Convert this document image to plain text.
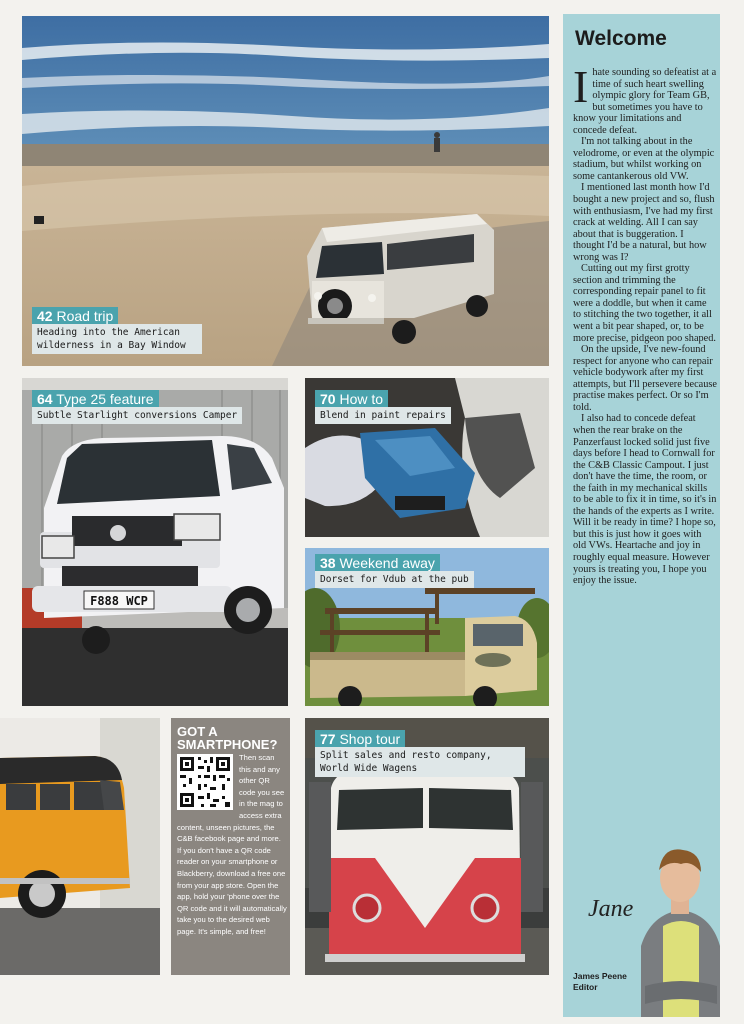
42 Road trip
Heading into the American wilderness in a Bay Window
F888 WCP
64 Type 25 feature
Subtle Starlight conversions Camper
70 How to
Blend in paint repairs
38 Weekend away
Dorset for Vdub at the pub
GOT A
SMARTPHONE?
Then scan this and any other QR code you see in the mag to access extra content, unseen pictures, the C&B facebook page and more. If you don't have a QR code reader on your smartphone or Blackberry, download a free one from your app store. Open the app, hold your 'phone over the QR code and it will automatically take you to the desired web page. It's simple, and free!
77 Shop tour
Split sales and resto company, World Wide Wagens
Welcome

Ihate sounding so defeatist at a time of such heart swelling olympic glory for Team GB, but sometimes you have to know your limitations and concede defeat.

I'm not talking about in the velodrome, or even at the olympic stadium, but whilst working on some cantankerous old VW.

I mentioned last month how I'd bought a new project and so, flush with enthusiasm, I've had my first crack at welding. All I can say about that is buggeration. I thought I'd be a natural, but how wrong was I?

Cutting out my first grotty section and trimming the corresponding repair panel to fit were a doddle, but when it came to stitching the two together, it all went a bit pear shaped, or, to be more precise, pidgeon poo shaped.

On the upside, I've new-found respect for anyone who can repair vehicle bodywork after my first attempts, but I'll persevere because practise makes perfect. Or so I'm told.

I also had to concede defeat when the rear brake on the Panzerfaust locked solid just five days before I head to Cornwall for the C&B Classic Campout. I just don't have the time, the room, or the faith in my mechanical skills to be able to fix it in time, so it's in the hands of the experts as I write. Will it be ready in time? I hope so, but this is just how it goes with old VWs. Heartache and joy in roughly equal measure. However yours is treating you, I hope you enjoy the issue.

Jane
James Peene
Editor
